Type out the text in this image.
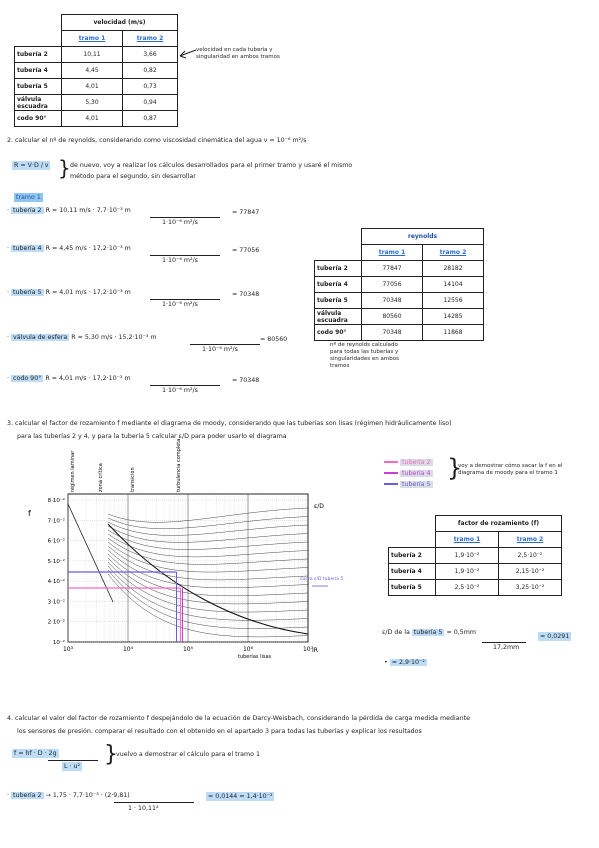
	velocidad (m/s)	
	tramo 1	tramo 2
tubería 2	10,11	3,66
tubería 4	4,45	0,82
tubería 5	4,01	0,73
válvula escuadra	5,30	0,94
codo 90°	4,01	0,87
velocidad en cada tubería y singularidad en ambos tramos
2. calcular el nº de reynolds, considerando como viscosidad cinemática del agua ν = 10⁻⁶ m²/s
R = V·D / ν } de nuevo, voy a realizar los cálculos desarrollados para el primer tramo y usaré el mismo método para el segundo, sin desarrollar
tramo 1
· tubería 2 R = 10,11 m/s · 7,7·10⁻³ m
1·10⁻⁶ m²/s
= 77847
· tubería 4 R = 4,45 m/s · 17,2·10⁻³ m
1·10⁻⁶ m²/s
= 77056
· tubería 5 R = 4,01 m/s · 17,2·10⁻³ m
1·10⁻⁶ m²/s
= 70348
· válvula de esfera R = 5,30 m/s · 15,2·10⁻³ m
1·10⁻⁶ m²/s
= 80560
· codo 90° R = 4,01 m/s · 17,2·10⁻³ m
1·10⁻⁶ m²/s
= 70348
	reynolds	
	tramo 1	tramo 2
tubería 2	77847	28182
tubería 4	77056	14104
tubería 5	70348	12556
válvula escuadra	80560	14285
codo 90°	70348	11868
nº de reynolds calculado para todas las tuberías y singularidades en ambos tramos
3. calcular el factor de rozamiento f mediante el diagrama de moody, considerando que las tuberías son lisas (régimen hidráulicamente liso)
para las tuberías 2 y 4, y para la tubería 5 calcular ε/D para poder usarlo el diagrama
8·10⁻²
7·10⁻²
6·10⁻²
5·10⁻²
4·10⁻²
3·10⁻²
2·10⁻²
10⁻²
10³	10⁴	10⁵	10⁶	10⁷
f
IR
ε/D
tuberías lisas
régimen laminar	zona crítica	transición	turbulencia completa
curva ε/D tubería 5
tubería 2
tubería 4
tubería 5
}
voy a demostrar cómo sacar la f en el diagrama de moody para el tramo 1
	factor de rozamiento (f)	
	tramo 1	tramo 2
tubería 2	1,9·10⁻²	2,5·10⁻²
tubería 4	1,9·10⁻²	2,15·10⁻²
tubería 5	2,5·10⁻²	3,25·10⁻²
ε/D de la tubería 5 = 0,5mm
17,2mm
= 0,0291
• ≈ 2,9·10⁻²
4. calcular el valor del factor de rozamiento f despejándolo de la ecuación de Darcy-Weisbach, considerando la pérdida de carga medida mediante
los sensores de presión. comparar el resultado con el obtenido en el apartado 3 para todas las tuberías y explicar los resultados
f = hf · D · 2g
L · u² }
vuelvo a demostrar el cálculo para el tramo 1
· tubería 2 → 1,75 · 7,7·10⁻³ · (2·9,81)
1 · 10,11²
= 0,0144 ≈ 1,4·10⁻²
